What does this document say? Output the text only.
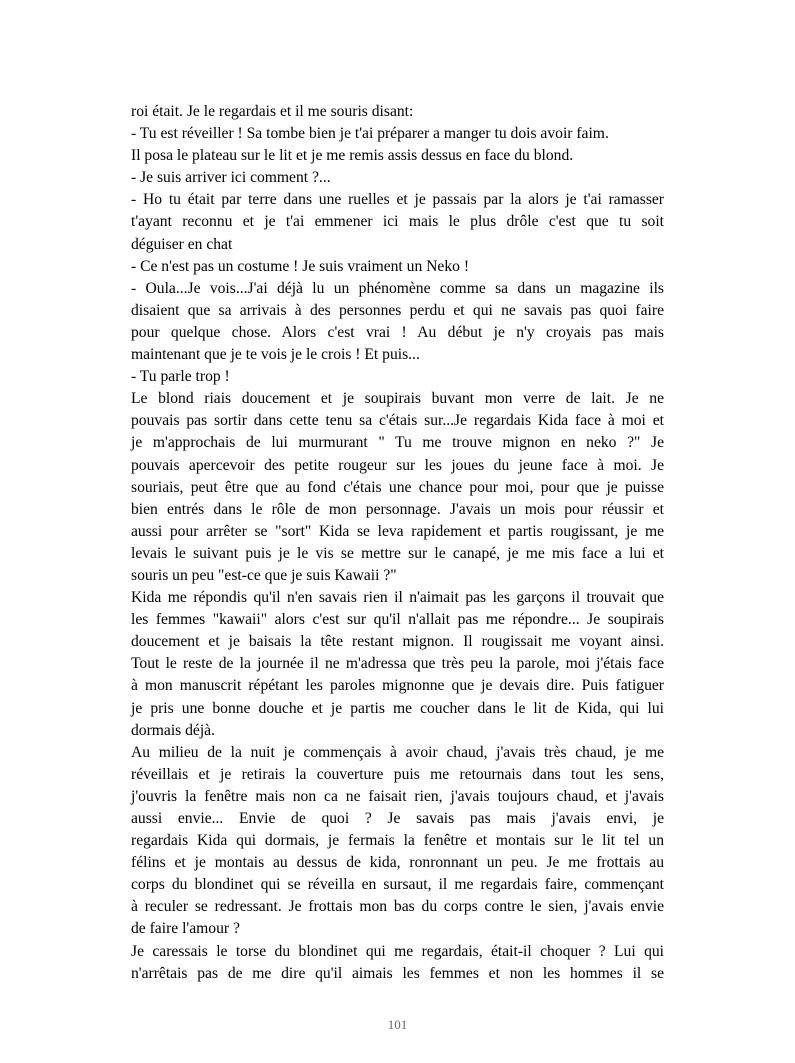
roi était. Je le regardais et il me souris disant:
- Tu est réveiller ! Sa tombe bien je t'ai préparer a manger tu dois avoir faim.
Il posa le plateau sur le lit et je me remis assis dessus en face du blond.
- Je suis arriver ici comment ?...
- Ho tu était par terre dans une ruelles et je passais par la alors je t'ai ramasser
t'ayant reconnu et je t'ai emmener ici mais le plus drôle c'est que tu soit
déguiser en chat
- Ce n'est pas un costume ! Je suis vraiment un Neko !
- Oula...Je vois...J'ai déjà lu un phénomène comme sa dans un magazine ils
disaient que sa arrivais à des personnes perdu et qui ne savais pas quoi faire
pour quelque chose. Alors c'est vrai ! Au début je n'y croyais pas mais
maintenant que je te vois je le crois ! Et puis...
- Tu parle trop !
Le blond riais doucement et je soupirais buvant mon verre de lait. Je ne
pouvais pas sortir dans cette tenu sa c'étais sur...Je regardais Kida face à moi et
je m'approchais de lui murmurant " Tu me trouve mignon en neko ?" Je
pouvais apercevoir des petite rougeur sur les joues du jeune face à moi. Je
souriais, peut être que au fond c'étais une chance pour moi, pour que je puisse
bien entrés dans le rôle de mon personnage. J'avais un mois pour réussir et
aussi pour arrêter se "sort" Kida se leva rapidement et partis rougissant, je me
levais le suivant puis je le vis se mettre sur le canapé, je me mis face a lui et
souris un peu "est-ce que je suis Kawaii ?"
Kida me répondis qu'il n'en savais rien il n'aimait pas les garçons il trouvait que
les femmes "kawaii" alors c'est sur qu'il n'allait pas me répondre... Je soupirais
doucement et je baisais la tête restant mignon. Il rougissait me voyant ainsi.
Tout le reste de la journée il ne m'adressa que très peu la parole, moi j'étais face
à mon manuscrit répétant les paroles mignonne que je devais dire. Puis fatiguer
je pris une bonne douche et je partis me coucher dans le lit de Kida, qui lui
dormais déjà.
Au milieu de la nuit je commençais à avoir chaud, j'avais très chaud, je me
réveillais et je retirais la couverture puis me retournais dans tout les sens,
j'ouvris la fenêtre mais non ca ne faisait rien, j'avais toujours chaud, et j'avais
aussi envie... Envie de quoi ? Je savais pas mais j'avais envi, je
regardais Kida qui dormais, je fermais la fenêtre et montais sur le lit tel un
félins et je montais au dessus de kida, ronronnant un peu. Je me frottais au
corps du blondinet qui se réveilla en sursaut, il me regardais faire, commençant
à reculer se redressant. Je frottais mon bas du corps contre le sien, j'avais envie
de faire l'amour ?
Je caressais le torse du blondinet qui me regardais, était-il choquer ? Lui qui
n'arrêtais pas de me dire qu'il aimais les femmes et non les hommes il se
101
